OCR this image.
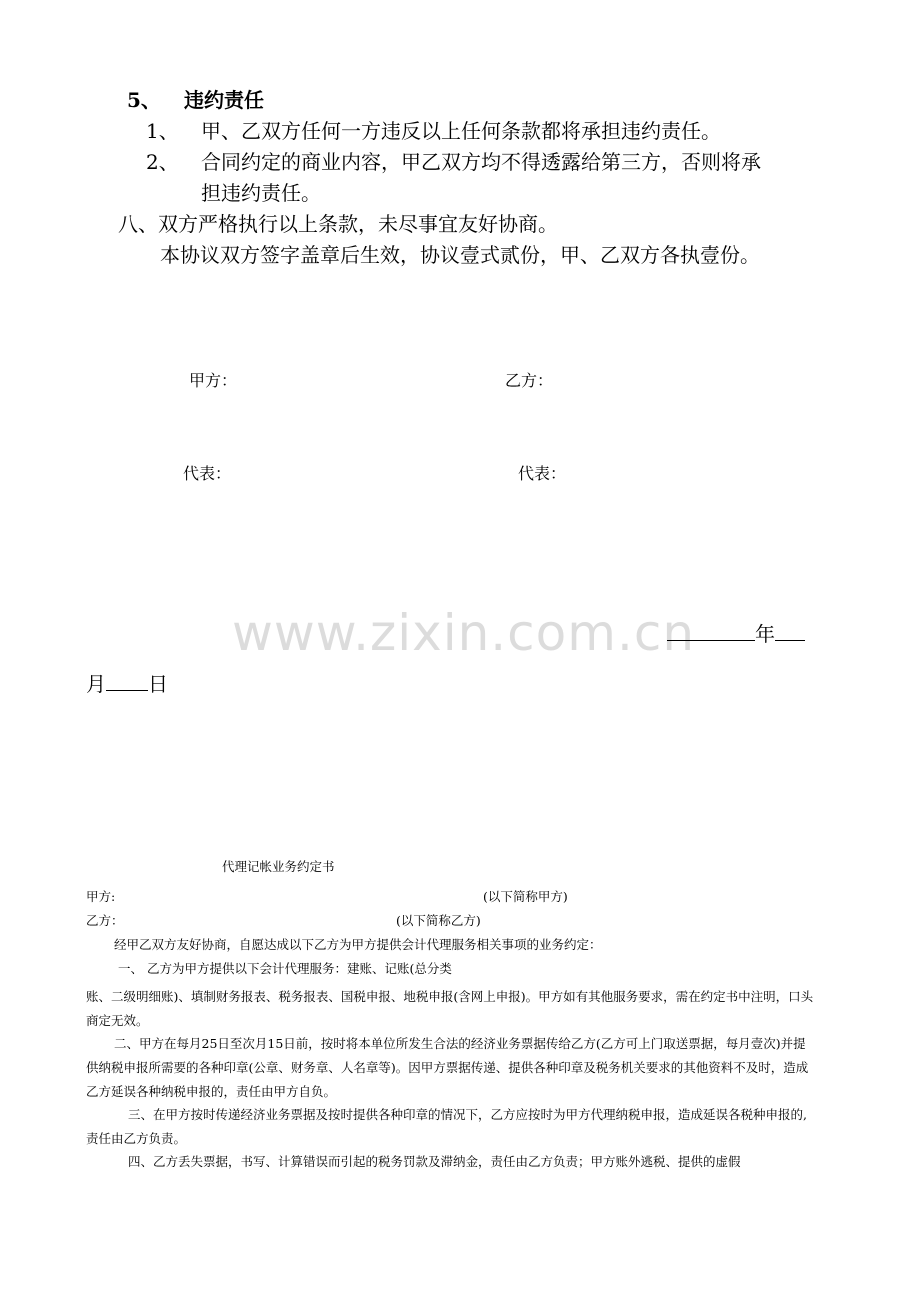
5、 违约责任
1、 甲、乙双方任何一方违反以上任何条款都将承担违约责任。
2、 合同约定的商业内容，甲乙双方均不得透露给第三方，否则将承
担违约责任。
八、双方严格执行以上条款，未尽事宜友好协商。
本协议双方签字盖章后生效，协议壹式贰份，甲、乙双方各执壹份。
甲方：	乙方：
代表：	代表：
www.zixin.com.cn	年
月 日
代理记帐业务约定书
甲方:	(以下简称甲方)
乙方：	(以下简称乙方)
经甲乙双方友好协商，自愿达成以下乙方为甲方提供会计代理服务相关事项的业务约定：
一、 乙方为甲方提供以下会计代理服务：建账、记账(总分类
账、二级明细账)、填制财务报表、税务报表、国税申报、地税申报(含网上申报)。甲方如有其他服务要求，需在约定书中注明，口头商定无效。
二、甲方在每月25日至次月15日前，按时将本单位所发生合法的经济业务票据传给乙方(乙方可上门取送票据，每月壹次)并提供纳税申报所需要的各种印章(公章、财务章、人名章等)。因甲方票据传递、提供各种印章及税务机关要求的其他资料不及时，造成乙方延误各种纳税申报的，责任由甲方自负。
三、在甲方按时传递经济业务票据及按时提供各种印章的情况下，乙方应按时为甲方代理纳税申报，造成延误各税种申报的, 责任由乙方负责。
四、乙方丢失票据，书写、计算错误而引起的税务罚款及滞纳金，责任由乙方负责；甲方账外逃税、提供的虚假
